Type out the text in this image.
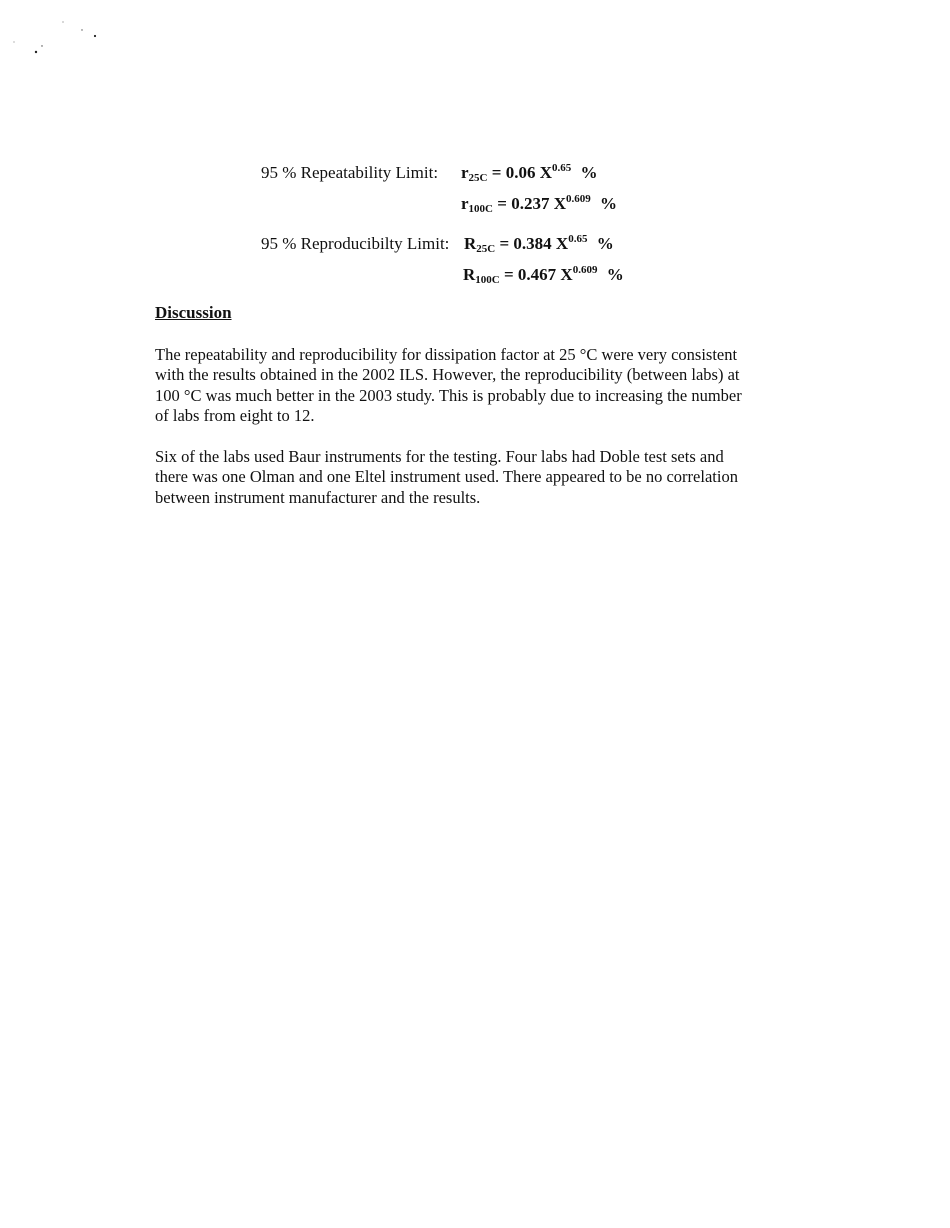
95 % Repeatability Limit: $r_{25C} = 0.06$ $X^{0.65}$ %
$r_{100C} = 0.237$ $X^{0.609}$ %
95 % Reproducibilty Limit: $R_{25C} = 0.384$ $X^{0.65}$ %
$R_{100C} = 0.467$ $X^{0.609}$ %
Discussion
The repeatability and reproducibility for dissipation factor at 25 °C were very consistent
with the results obtained in the 2002 ILS. However, the reproducibility (between labs) at
100 °C was much better in the 2003 study. This is probably due to increasing the number
of labs from eight to 12.
Six of the labs used Baur instruments for the testing. Four labs had Doble test sets and
there was one Olman and one Eltel instrument used. There appeared to be no correlation
between instrument manufacturer and the results.
